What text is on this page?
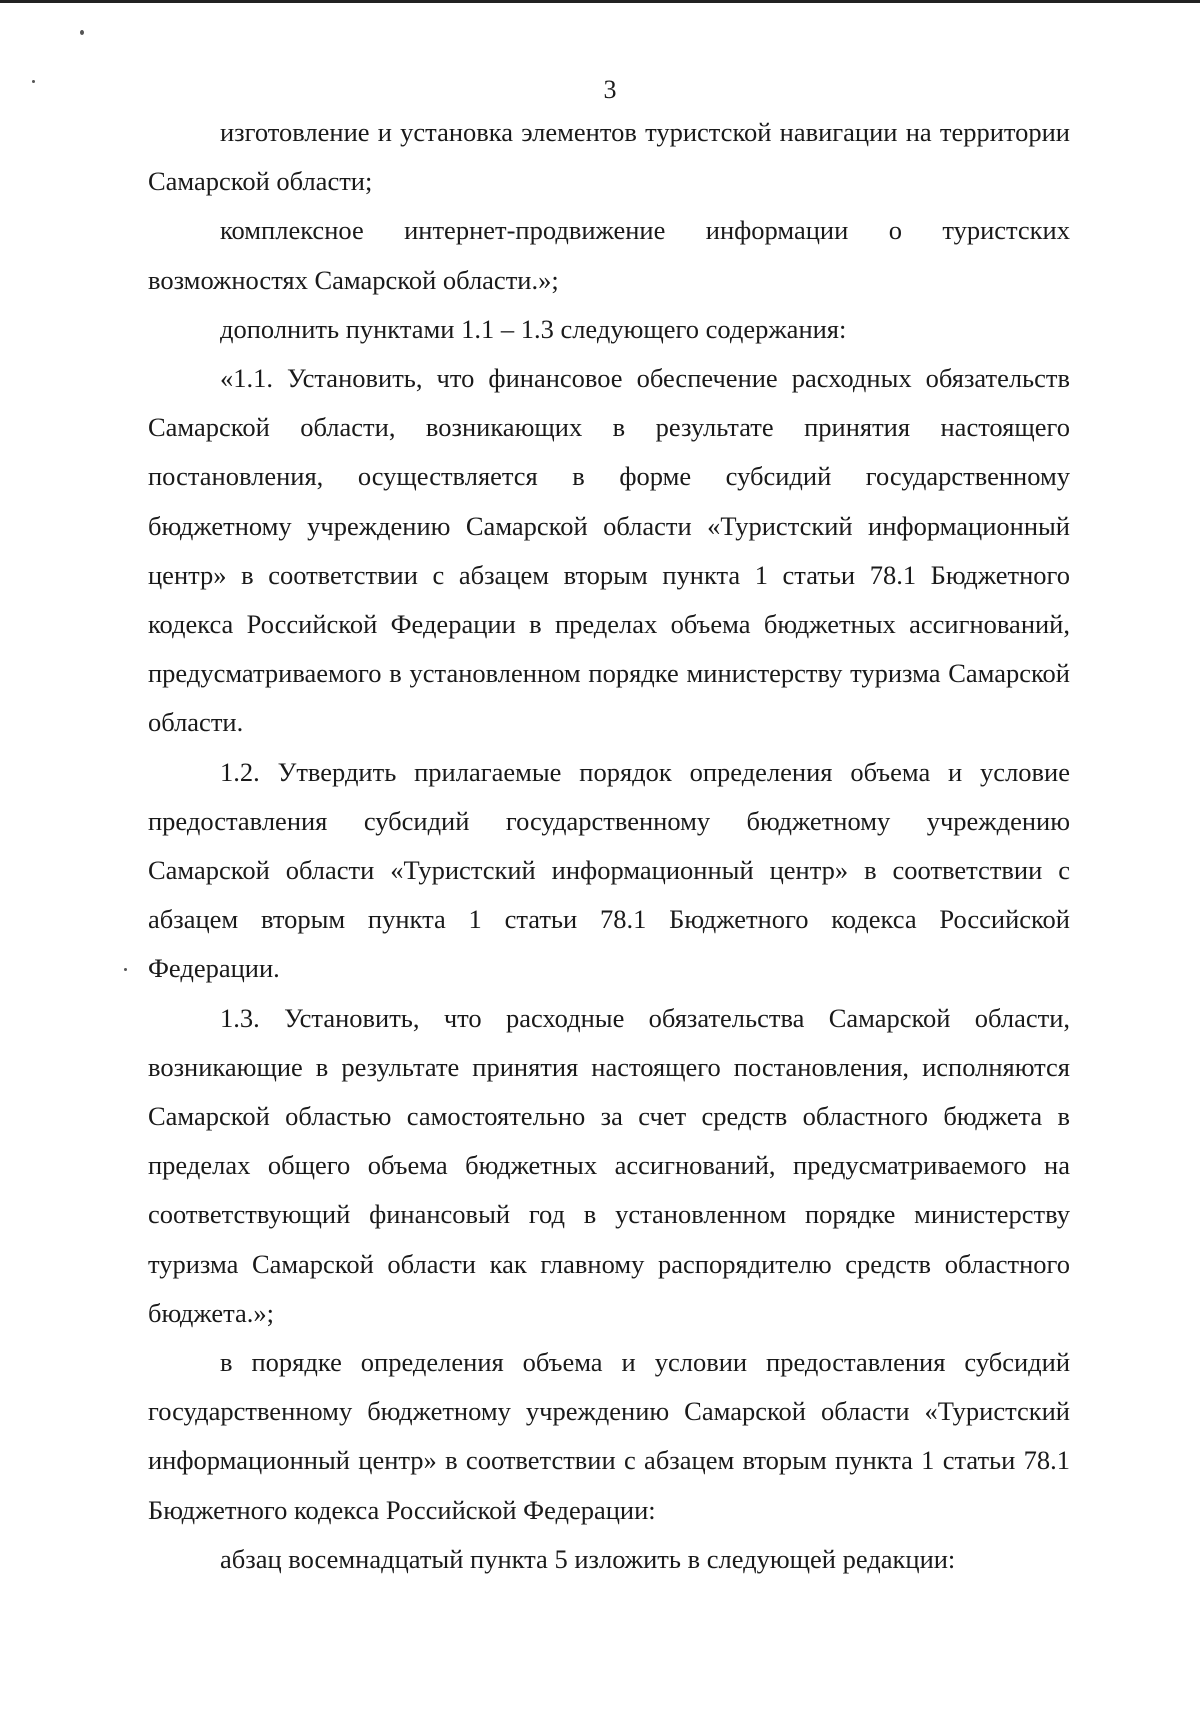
3

изготовление и установка элементов туристской навигации на территории Самарской области;

комплексное интернет-продвижение информации о туристских возможностях Самарской области.»;

дополнить пунктами 1.1 – 1.3 следующего содержания:

«1.1. Установить, что финансовое обеспечение расходных обязательств Самарской области, возникающих в результате принятия настоящего постановления, осуществляется в форме субсидий государственному бюджетному учреждению Самарской области «Туристский информационный центр» в соответствии с абзацем вторым пункта 1 статьи 78.1 Бюджетного кодекса Российской Федерации в пределах объема бюджетных ассигнований, предусматриваемого в установленном порядке министерству туризма Самарской области.

1.2. Утвердить прилагаемые порядок определения объема и условие предоставления субсидий государственному бюджетному учреждению Самарской области «Туристский информационный центр» в соответствии с абзацем вторым пункта 1 статьи 78.1 Бюджетного кодекса Российской Федерации.

1.3. Установить, что расходные обязательства Самарской области, возникающие в результате принятия настоящего постановления, исполняются Самарской областью самостоятельно за счет средств областного бюджета в пределах общего объема бюджетных ассигнований, предусматриваемого на соответствующий финансовый год в установленном порядке министерству туризма Самарской области как главному распорядителю средств областного бюджета.»;

в порядке определения объема и условии предоставления субсидий государственному бюджетному учреждению Самарской области «Туристский информационный центр» в соответствии с абзацем вторым пункта 1 статьи 78.1 Бюджетного кодекса Российской Федерации:

абзац восемнадцатый пункта 5 изложить в следующей редакции:
